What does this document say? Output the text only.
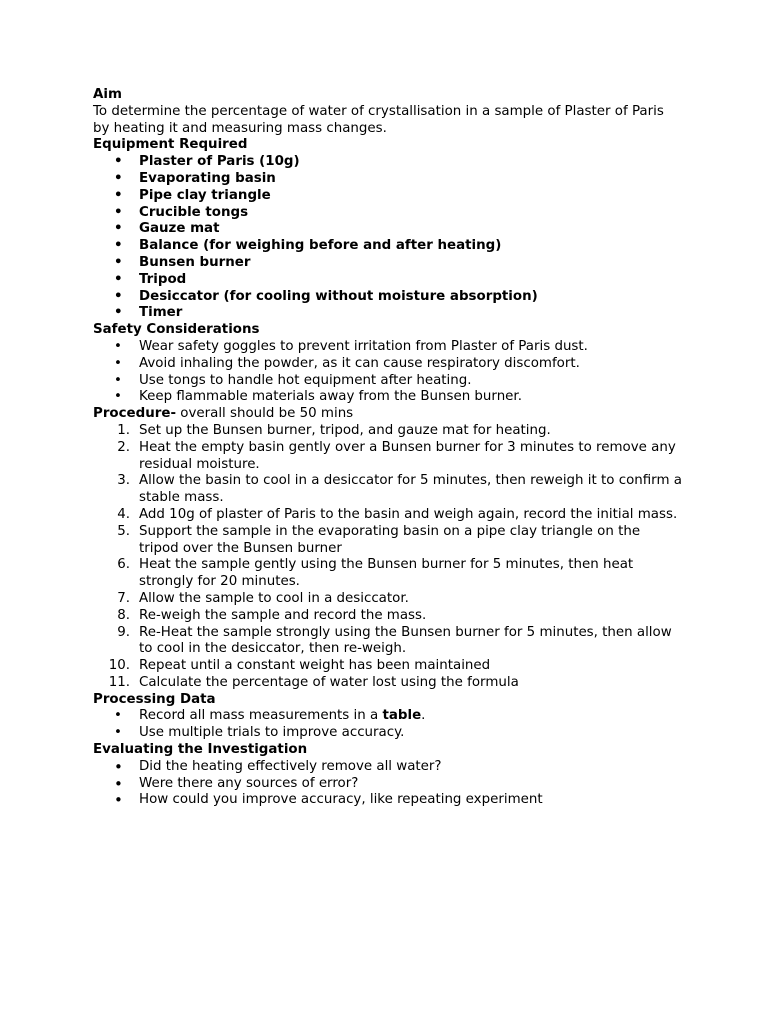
Aim
To determine the percentage of water of crystallisation in a sample of Plaster of Paris by heating it and measuring mass changes.
Equipment Required
• Plaster of Paris (10g)
• Evaporating basin
• Pipe clay triangle
• Crucible tongs
• Gauze mat
• Balance (for weighing before and after heating)
• Bunsen burner
• Tripod
• Desiccator (for cooling without moisture absorption)
• Timer
Safety Considerations
• Wear safety goggles to prevent irritation from Plaster of Paris dust.
• Avoid inhaling the powder, as it can cause respiratory discomfort.
• Use tongs to handle hot equipment after heating.
• Keep flammable materials away from the Bunsen burner.
Procedure- overall should be 50 mins
1. Set up the Bunsen burner, tripod, and gauze mat for heating.
2. Heat the empty basin gently over a Bunsen burner for 3 minutes to remove any residual moisture.
3. Allow the basin to cool in a desiccator for 5 minutes, then reweigh it to confirm a stable mass.
4. Add 10g of plaster of Paris to the basin and weigh again, record the initial mass.
5. Support the sample in the evaporating basin on a pipe clay triangle on the tripod over the Bunsen burner
6. Heat the sample gently using the Bunsen burner for 5 minutes, then heat strongly for 20 minutes.
7. Allow the sample to cool in a desiccator.
8. Re-weigh the sample and record the mass.
9. Re-Heat the sample strongly using the Bunsen burner for 5 minutes, then allow to cool in the desiccator, then re-weigh.
10. Repeat until a constant weight has been maintained
11. Calculate the percentage of water lost using the formula
Processing Data
• Record all mass measurements in a table.
• Use multiple trials to improve accuracy.
Evaluating the Investigation
• Did the heating effectively remove all water?
• Were there any sources of error?
• How could you improve accuracy, like repeating experiment
